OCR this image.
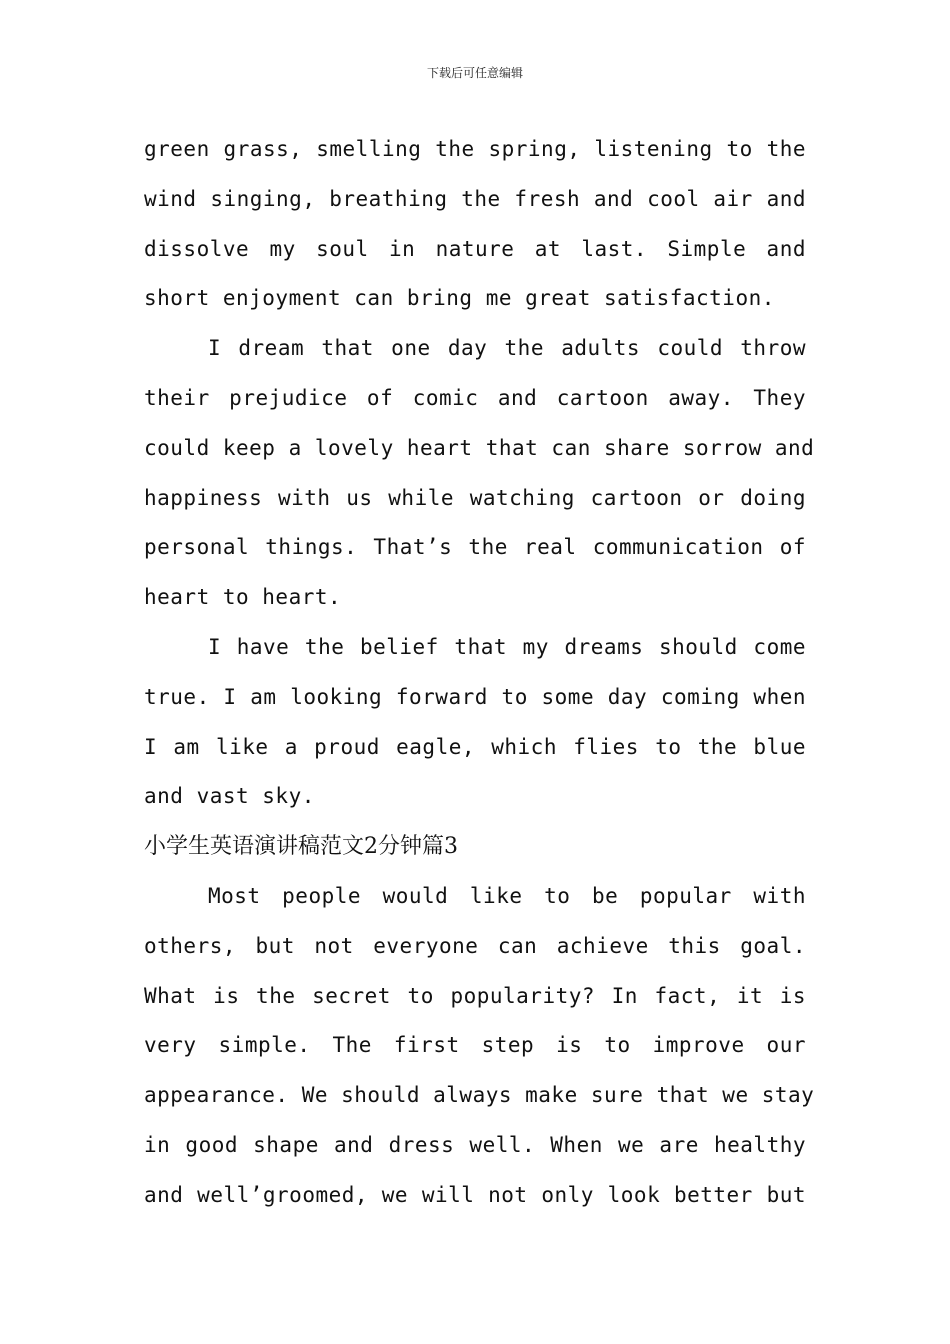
下载后可任意编辑
green grass, smelling the spring, listening to the
wind singing, breathing the fresh and cool air and
dissolve my soul in nature at last. Simple and
short enjoyment can bring me great satisfaction.
I dream that one day the adults could throw
their prejudice of comic and cartoon away. They
could keep a lovely heart that can share sorrow and
happiness with us while watching cartoon or doing
personal things. That’s the real communication of
heart to heart.
I have the belief that my dreams should come
true. I am looking forward to some day coming when
I am like a proud eagle, which flies to the blue
and vast sky.
小学生英语演讲稿范文2分钟篇3
Most people would like to be popular with
others, but not everyone can achieve this goal.
What is the secret to popularity? In fact, it is
very simple. The first step is to improve our
appearance. We should always make sure that we stay
in good shape and dress well. When we are healthy
and well’groomed, we will not only look better but
